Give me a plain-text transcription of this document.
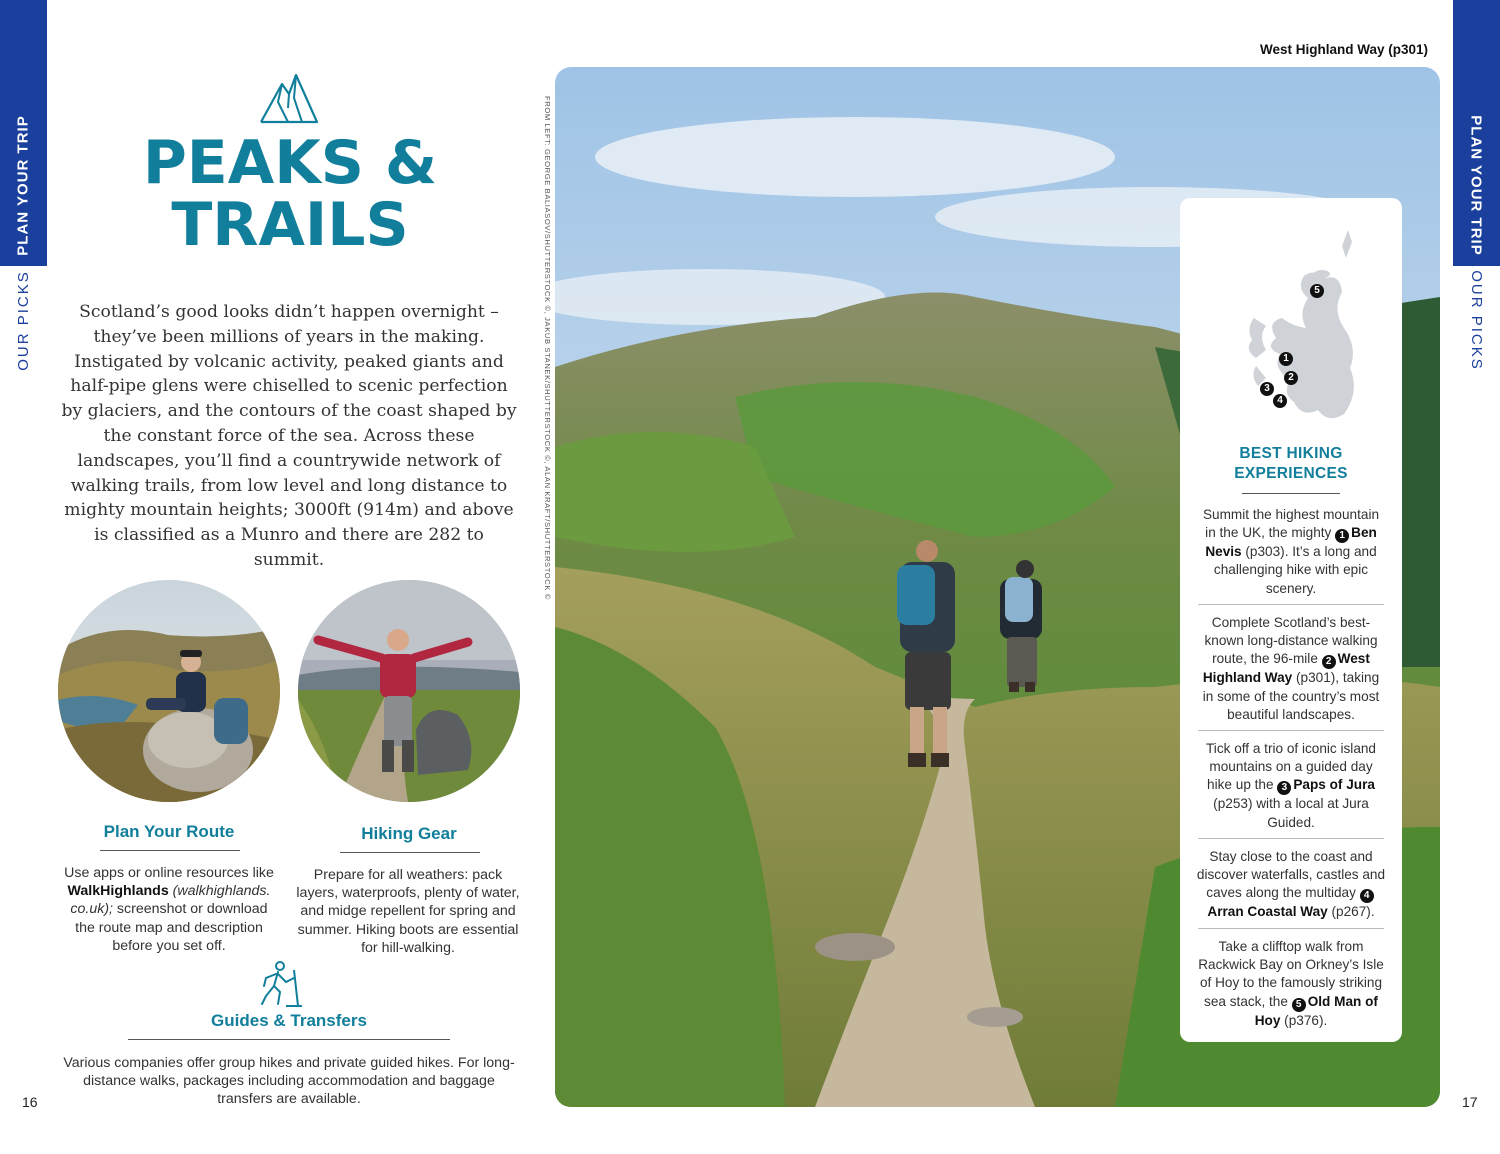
PLAN YOUR TRIP
OUR PICKS
PLAN YOUR TRIP
OUR PICKS
PEAKS &
TRAILS
Scotland’s good looks didn’t happen overnight – they’ve been millions of years in the making. Instigated by volcanic activity, peaked giants and half-pipe glens were chiselled to scenic perfection by glaciers, and the contours of the coast shaped by the constant force of the sea. Across these landscapes, you’ll find a countrywide network of walking trails, from low level and long distance to mighty mountain heights; 3000ft (914m) and above is classified as a Munro and there are 282 to summit.
Plan Your Route
Use apps or online resources like WalkHighlands (walkhighlands. co.uk); screenshot or download the route map and description before you set off.
Hiking Gear
Prepare for all weathers: pack layers, waterproofs, plenty of water, and midge repellent for spring and summer. Hiking boots are essential for hill-walking.
Guides & Transfers
Various companies offer group hikes and private guided hikes. For long-distance walks, packages including accommodation and baggage transfers are available.
16
West Highland Way (p301)
FROM LEFT: GEORGE BALIASOV/SHUTTERSTOCK ©, JAKUB STANEK/SHUTTERSTOCK ©, ALAN KRAFT/SHUTTERSTOCK ©	5
1
2
3
4
BEST HIKING
EXPERIENCES
Summit the highest mountain in the UK, the mighty 1 Ben Nevis (p303). It’s a long and challenging hike with epic scenery.
Complete Scotland’s best-known long-distance walking route, the 96-mile 2 West Highland Way (p301), taking in some of the country’s most beautiful landscapes.
Tick off a trio of iconic island mountains on a guided day hike up the 3 Paps of Jura (p253) with a local at Jura Guided.
Stay close to the coast and discover waterfalls, castles and caves along the multiday 4Arran Coastal Way (p267).
Take a clifftop walk from Rackwick Bay on Orkney’s Isle of Hoy to the famously striking sea stack, the 5 Old Man of Hoy (p376).
17
